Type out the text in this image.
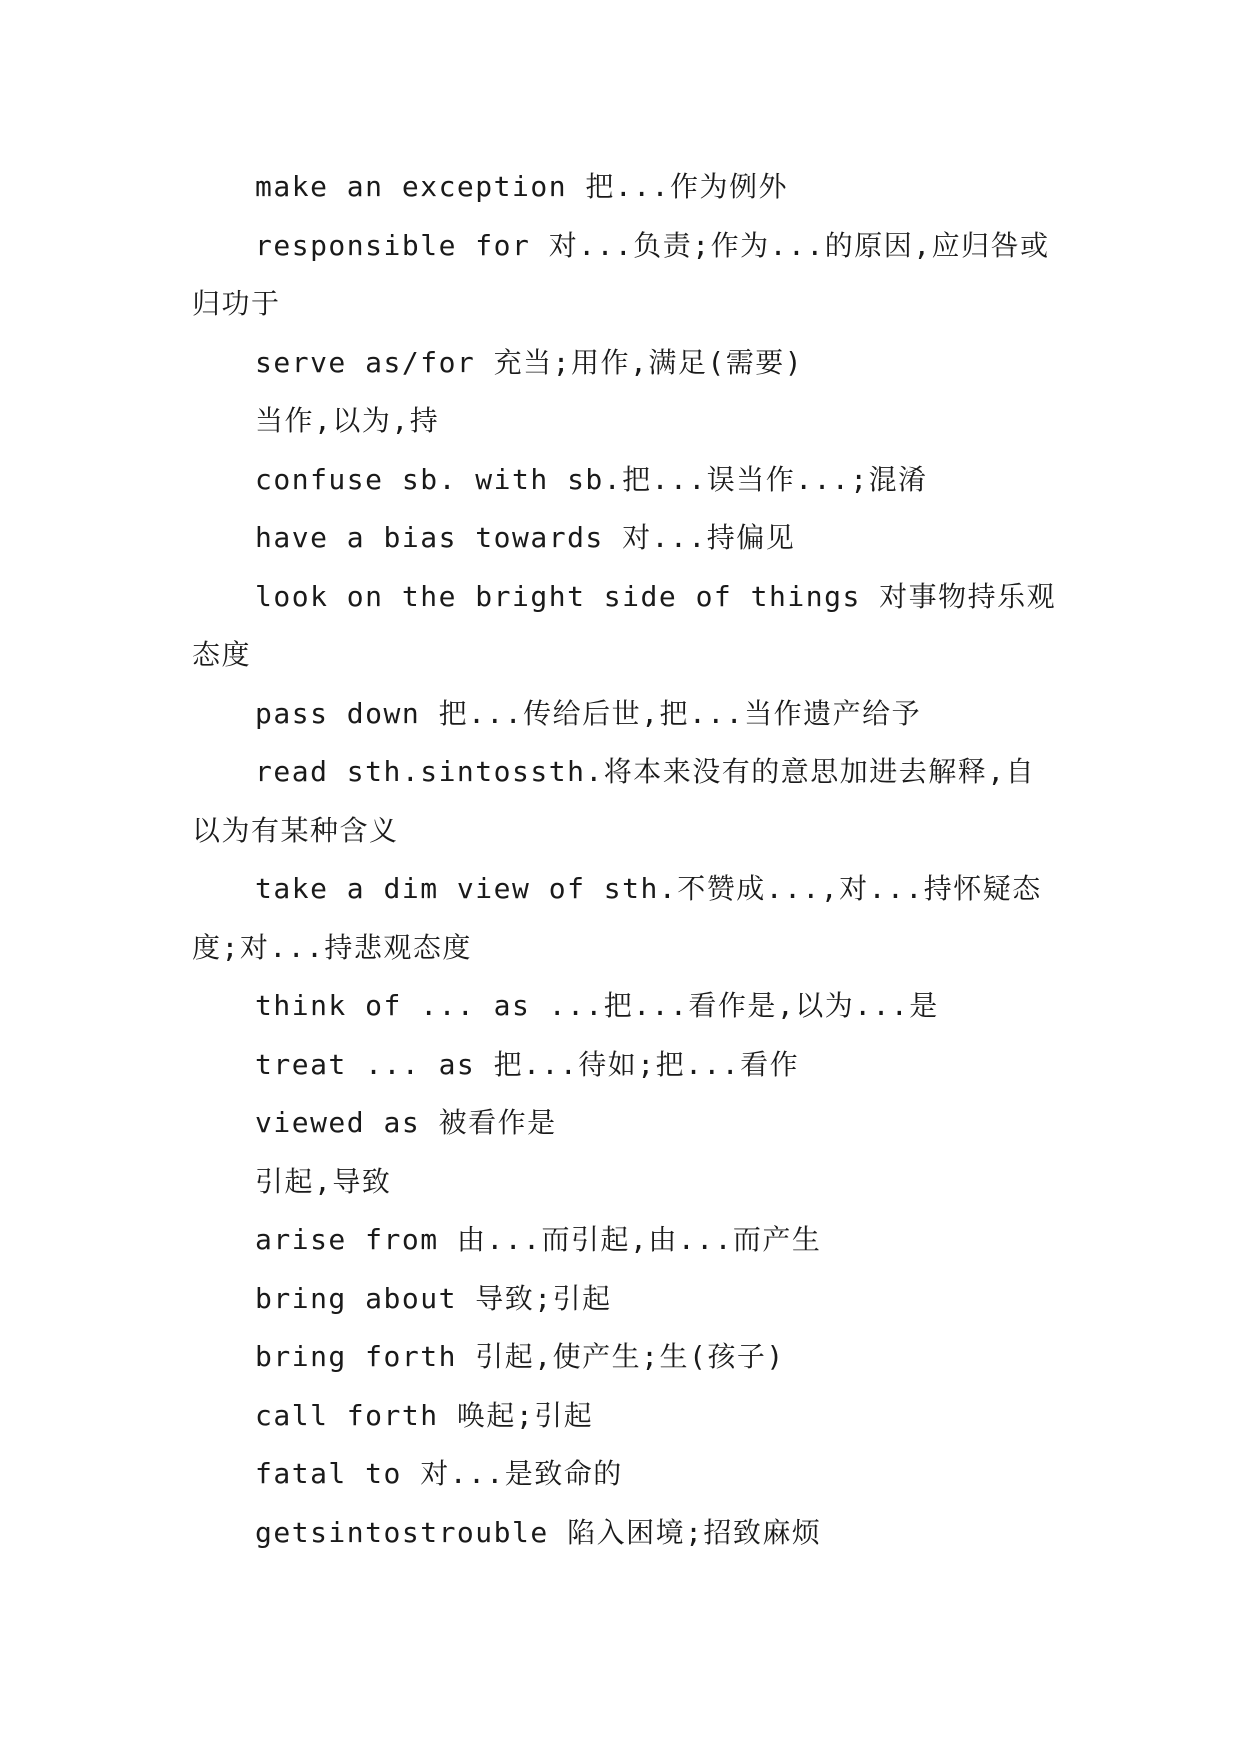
make an exception 把...作为例外

responsible for 对...负责;作为...的原因,应归咎或归功于

serve as/for 充当;用作,满足(需要)

当作,以为,持

confuse sb. with sb.把...误当作...;混淆

have a bias towards 对...持偏见

look on the bright side of things 对事物持乐观态度

pass down 把...传给后世,把...当作遗产给予

read sth.sintossth.将本来没有的意思加进去解释,自以为有某种含义

take a dim view of sth.不赞成...,对...持怀疑态度;对...持悲观态度

think of ... as ...把...看作是,以为...是

treat ... as 把...待如;把...看作

viewed as 被看作是

引起,导致

arise from 由...而引起,由...而产生

bring about 导致;引起

bring forth 引起,使产生;生(孩子)

call forth 唤起;引起

fatal to 对...是致命的

getsintostrouble 陷入困境;招致麻烦
